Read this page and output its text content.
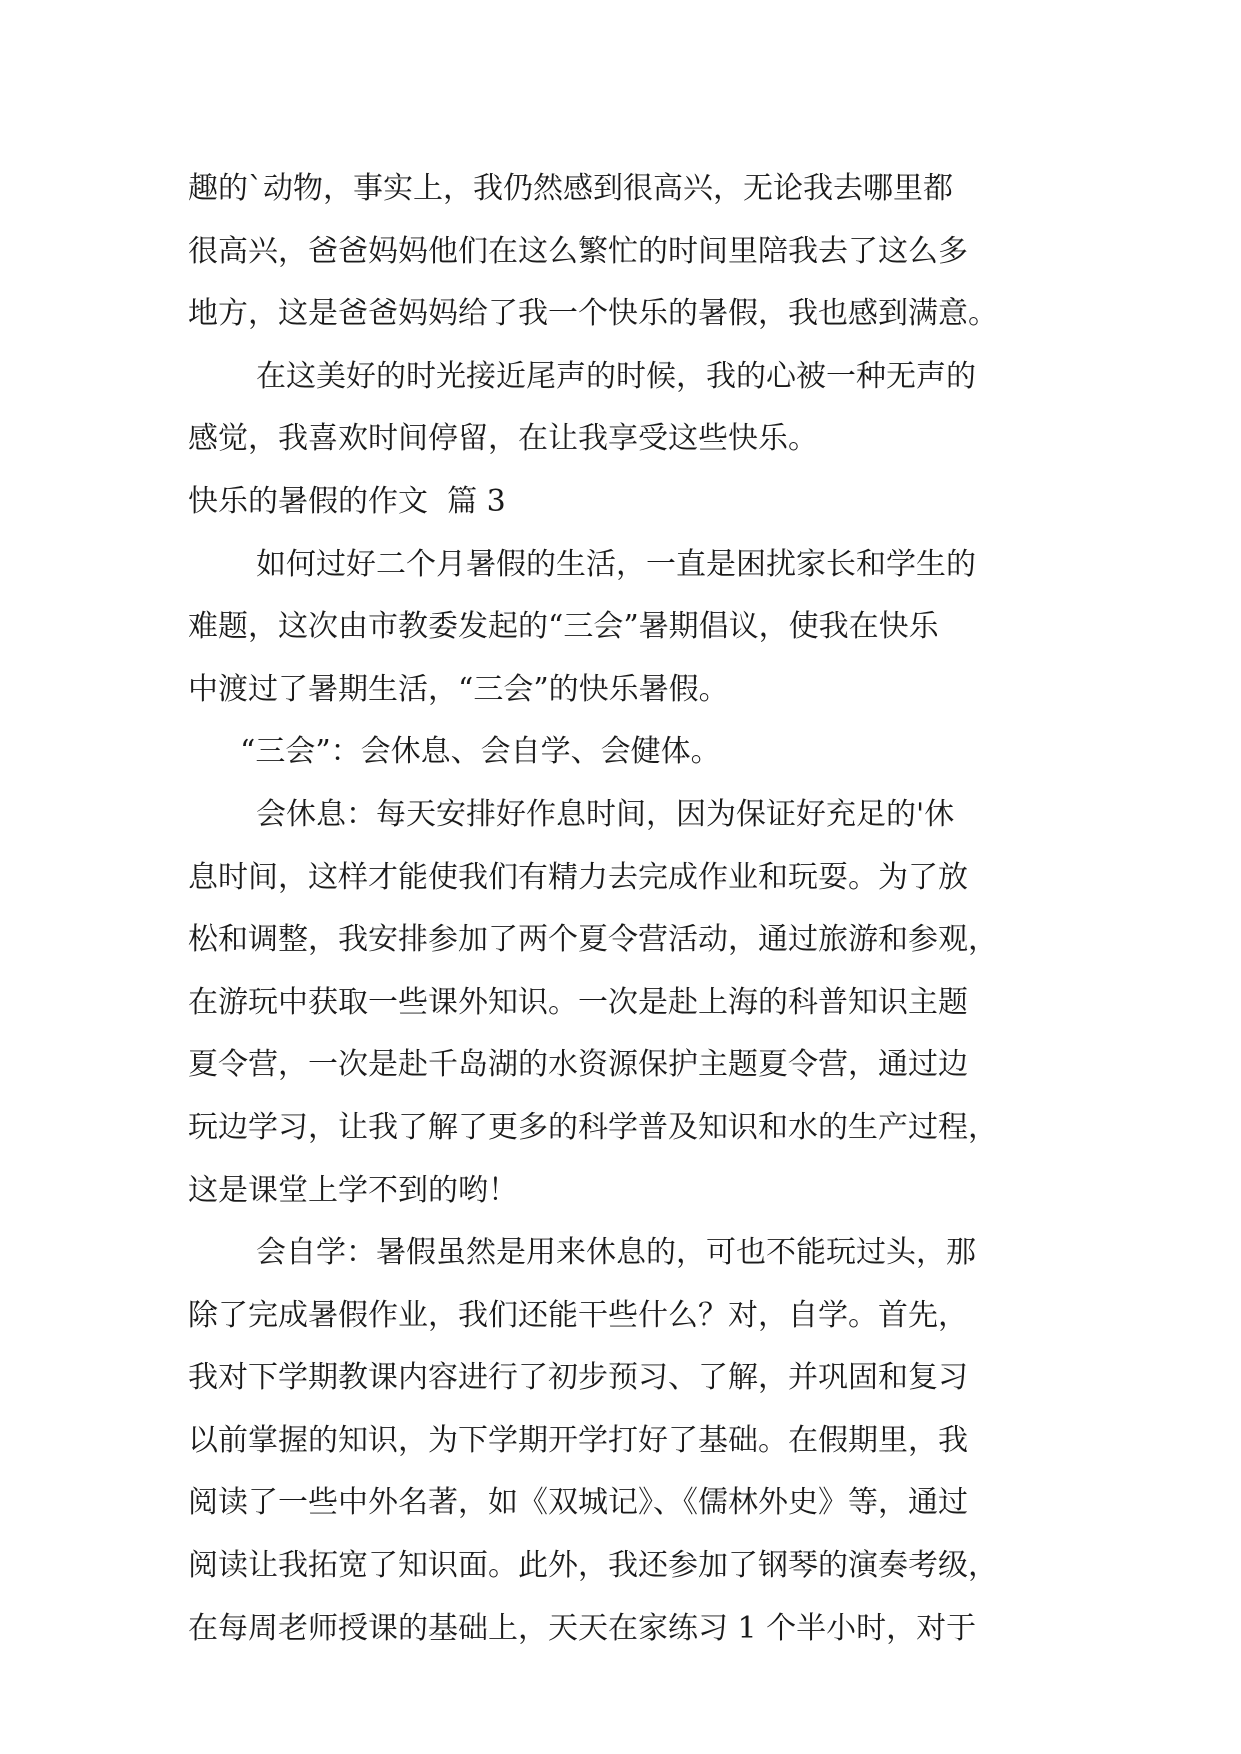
趣的`动物，事实上，我仍然感到很高兴，无论我去哪里都
很高兴，爸爸妈妈他们在这么繁忙的时间里陪我去了这么多
地方，这是爸爸妈妈给了我一个快乐的暑假，我也感到满意。
在这美好的时光接近尾声的时候，我的心被一种无声的
感觉，我喜欢时间停留，在让我享受这些快乐。
快乐的暑假的作文  篇 3
如何过好二个月暑假的生活，一直是困扰家长和学生的
难题，这次由市教委发起的“三会”暑期倡议，使我在快乐
中渡过了暑期生活，“三会”的快乐暑假。
“三会”：会休息、会自学、会健体。
会休息：每天安排好作息时间，因为保证好充足的'休
息时间，这样才能使我们有精力去完成作业和玩耍。为了放
松和调整，我安排参加了两个夏令营活动，通过旅游和参观，
在游玩中获取一些课外知识。一次是赴上海的科普知识主题
夏令营，一次是赴千岛湖的水资源保护主题夏令营，通过边
玩边学习，让我了解了更多的科学普及知识和水的生产过程，
这是课堂上学不到的哟！
会自学：暑假虽然是用来休息的，可也不能玩过头，那
除了完成暑假作业，我们还能干些什么？对，自学。首先，
我对下学期教课内容进行了初步预习、了解，并巩固和复习
以前掌握的知识，为下学期开学打好了基础。在假期里，我
阅读了一些中外名著，如《双城记》、《儒林外史》等，通过
阅读让我拓宽了知识面。此外，我还参加了钢琴的演奏考级，
在每周老师授课的基础上，天天在家练习 1 个半小时，对于
